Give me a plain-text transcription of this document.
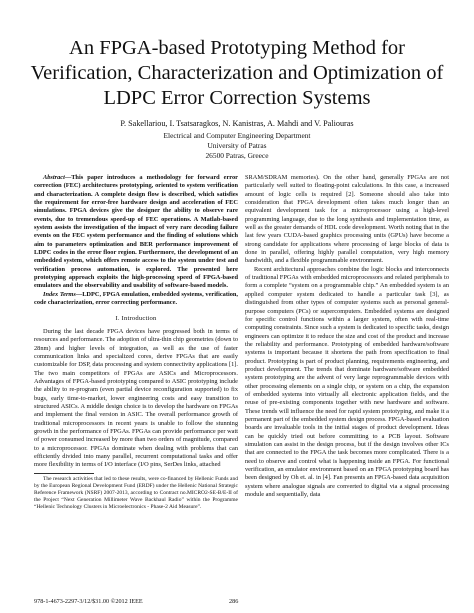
An FPGA-based Prototyping Method for
Verification, Characterization and Optimization of
LDPC Error Correction Systems
P. Sakellariou, I. Tsatsaragkos, N. Kanistras, A. Mahdi and V. Paliouras
Electrical and Computer Engineering Department
University of Patras
26500 Patras, Greece

Abstract—This paper introduces a methodology for forward error correction (FEC) architectures prototyping, oriented to system verification and characterization. A complete design flow is described, which satisfies the requirement for error-free hardware design and acceleration of FEC simulations. FPGA devices give the designer the ability to observe rare events, due to tremendous speed-up of FEC operations. A Matlab-based system assists the investigation of the impact of very rare decoding failure events on the FEC system performance and the finding of solutions which aim to parameters optimization and BER performance improvement of LDPC codes in the error floor region. Furthermore, the development of an embedded system, which offers remote access to the system under test and verification process automation, is explored. The presented here prototyping approach exploits the high-processing speed of FPGA-based emulators and the observability and usability of software-based models.

Index Terms—LDPC, FPGA emulation, embedded systems, verification, code characterization, error correcting performance.

I. Introduction

During the last decade FPGA devices have progressed both in terms of resources and performance. The adoption of ultra-thin chip geometries (down to 28nm) and higher levels of integration, as well as the use of faster communication links and specialized cores, derive FPGAs that are easily customizable for DSP, data processing and system connectivity applications [1]. The two main competitors of FPGAs are ASICs and Microprocessors. Advantages of FPGA-based prototyping compared to ASIC prototyping include the ability to re-program (even partial device reconfiguration supported) to fix bugs, early time-to-market, lower engineering costs and easy transition to structured ASICs. A middle design choice is to develop the hardware on FPGAs and implement the final version in ASIC. The overall performance growth of traditional microprocessors in recent years is unable to follow the stunning growth in the performance of FPGAs. FPGAs can provide performance per watt of power consumed increased by more than two orders of magnitude, compared to a microprocessor. FPGAs dominate when dealing with problems that can efficiently divided into many parallel, recurrent computational tasks and offer more flexibility in terms of I/O interface (I/O pins, SerDes links, attached

The research activities that led to these results, were co-financed by Hellenic Funds and by the European Regional Development Fund (ERDF) under the Hellenic National Strategic Reference Framework (NSRF) 2007-2013, according to Contract no.MICRO2-SE-B/E-II of the Project “Next Generation Millimeter Wave Backhaul Radio” within the Programme “Hellenic Technology Clusters in Microelectronics - Phase-2 Aid Measure”.

SRAM/SDRAM memories). On the other hand, generally FPGAs are not particularly well suited to floating-point calculations. In this case, a increased amount of logic cells is required [2]. Someone should also take into consideration that FPGA development often takes much longer than an equivalent development task for a microprocessor using a high-level programming language, due to the long synthesis and implementation time, as well as the greater demands of HDL code development. Worth noting that in the last few years CUDA-based graphics processing units (GPUs) have become a strong candidate for applications where processing of large blocks of data is done in parallel, offering highly parallel computation, very high memory bandwidth, and a flexible programmable environment.

Recent architectural approaches combine the logic blocks and interconnects of traditional FPGAs with embedded microprocessors and related peripherals to form a complete “system on a programmable chip.” An embedded system is an applied computer system dedicated to handle a particular task [3], as distinguished from other types of computer systems such as personal general-purpose computers (PCs) or supercomputers. Embedded systems are designed for specific control functions within a larger system, often with real-time computing constraints. Since such a system is dedicated to specific tasks, design engineers can optimize it to reduce the size and cost of the product and increase the reliability and performance. Prototyping of embedded hardware/software systems is important because it shortens the path from specification to final product. Prototyping is part of product planning, requirements engineering, and product development. The trends that dominate hardware/software embedded system prototyping are the advent of very large reprogrammable devices with other processing elements on a single chip, or system on a chip, the expansion of embedded systems into virtually all electronic application fields, and the reuse of pre-existing components together with new hardware and software. These trends will influence the need for rapid system prototyping, and make it a permanent part of the embedded system design process. FPGA-based evaluation boards are invaluable tools in the initial stages of product development. Ideas can be quickly tried out before committing to a PCB layout. Software simulation can assist in the design process, but if the design involves other ICs that are connected to the FPGA the task becomes more complicated. There is a need to observe and control what is happening inside an FPGA. For functional verification, an emulator environment based on an FPGA prototyping board has been designed by Oh et. al. in [4]. Fan presents an FPGA-based data acquisition system where analogue signals are converted to digital via a signal processing module and sequentially, data

978-1-4673-2297-3/12/$31.00 ©2012 IEEE	286
